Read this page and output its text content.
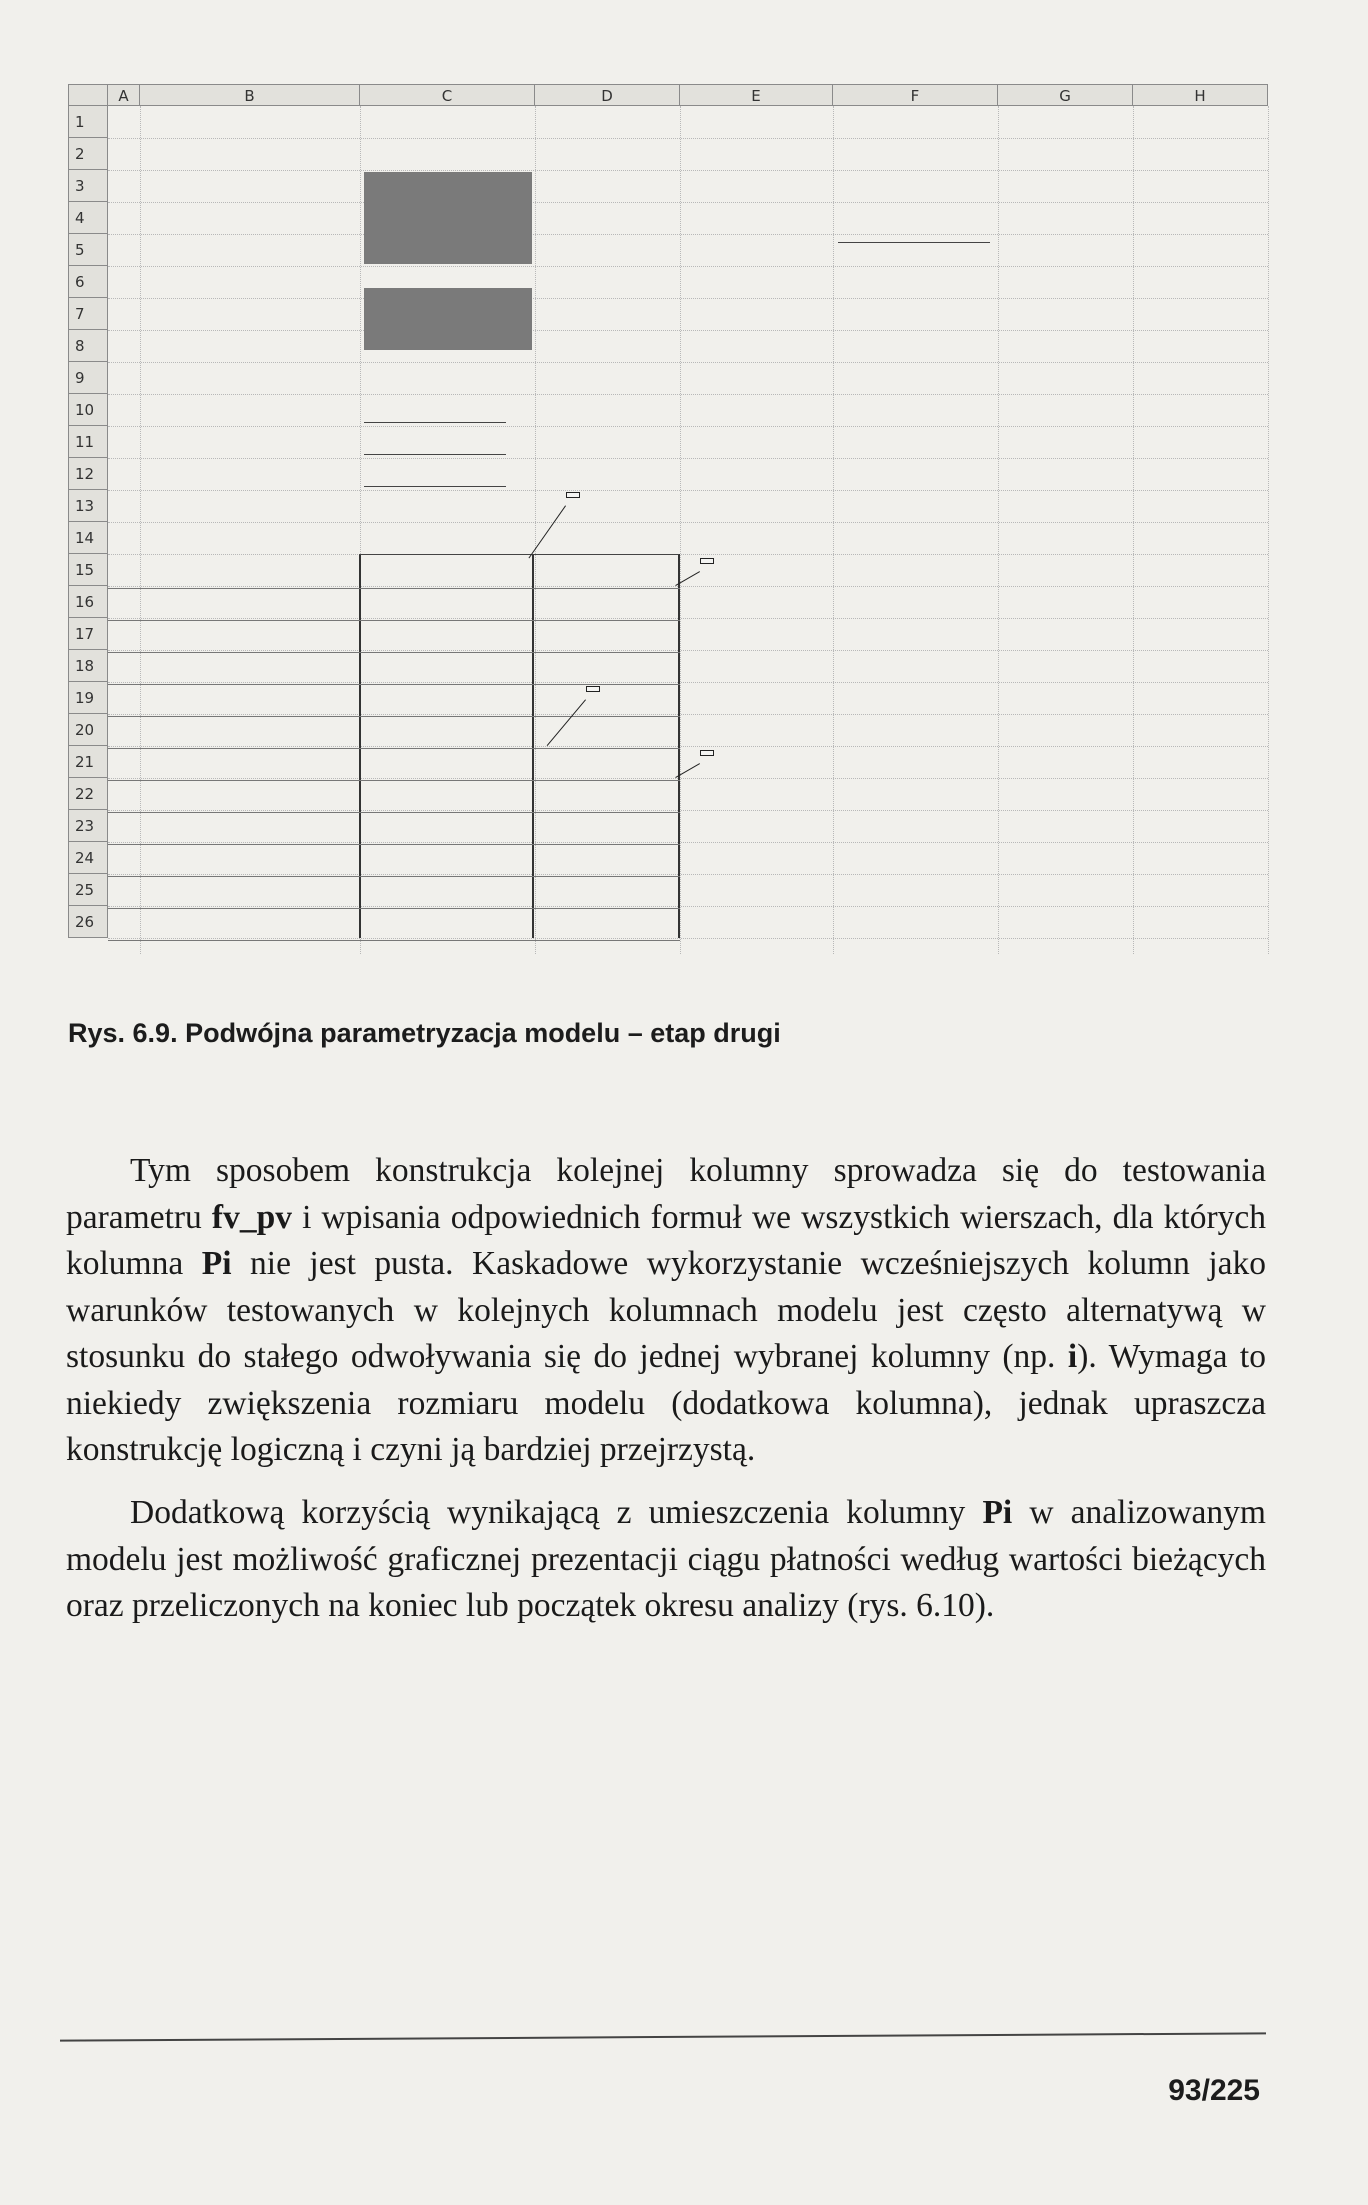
A	B	C	D	E	F	G	H
1
2
3
4
5
6
7
8
9
10
11
12
13
14
15
16
17
18
19
20
21
22
23
24
25
26
Rys. 6.9. Podwójna parametryzacja modelu – etap drugi

Tym sposobem konstrukcja kolejnej kolumny sprowadza się do testowania parametru fv_pv i wpisania odpowiednich formuł we wszystkich wierszach, dla których kolumna Pi nie jest pusta. Kaskadowe wykorzystanie wcześniejszych kolumn jako warunków testowanych w kolejnych kolumnach modelu jest często alternatywą w stosunku do stałego odwoływania się do jednej wybranej kolumny (np. i). Wymaga to niekiedy zwiększenia rozmiaru modelu (dodatkowa kolumna), jednak upraszcza konstrukcję logiczną i czyni ją bardziej przejrzystą.

Dodatkową korzyścią wynikającą z umieszczenia kolumny Pi w analizowanym modelu jest możliwość graficznej prezentacji ciągu płatności według wartości bieżących oraz przeliczonych na koniec lub początek okresu analizy (rys. 6.10).

93/225
